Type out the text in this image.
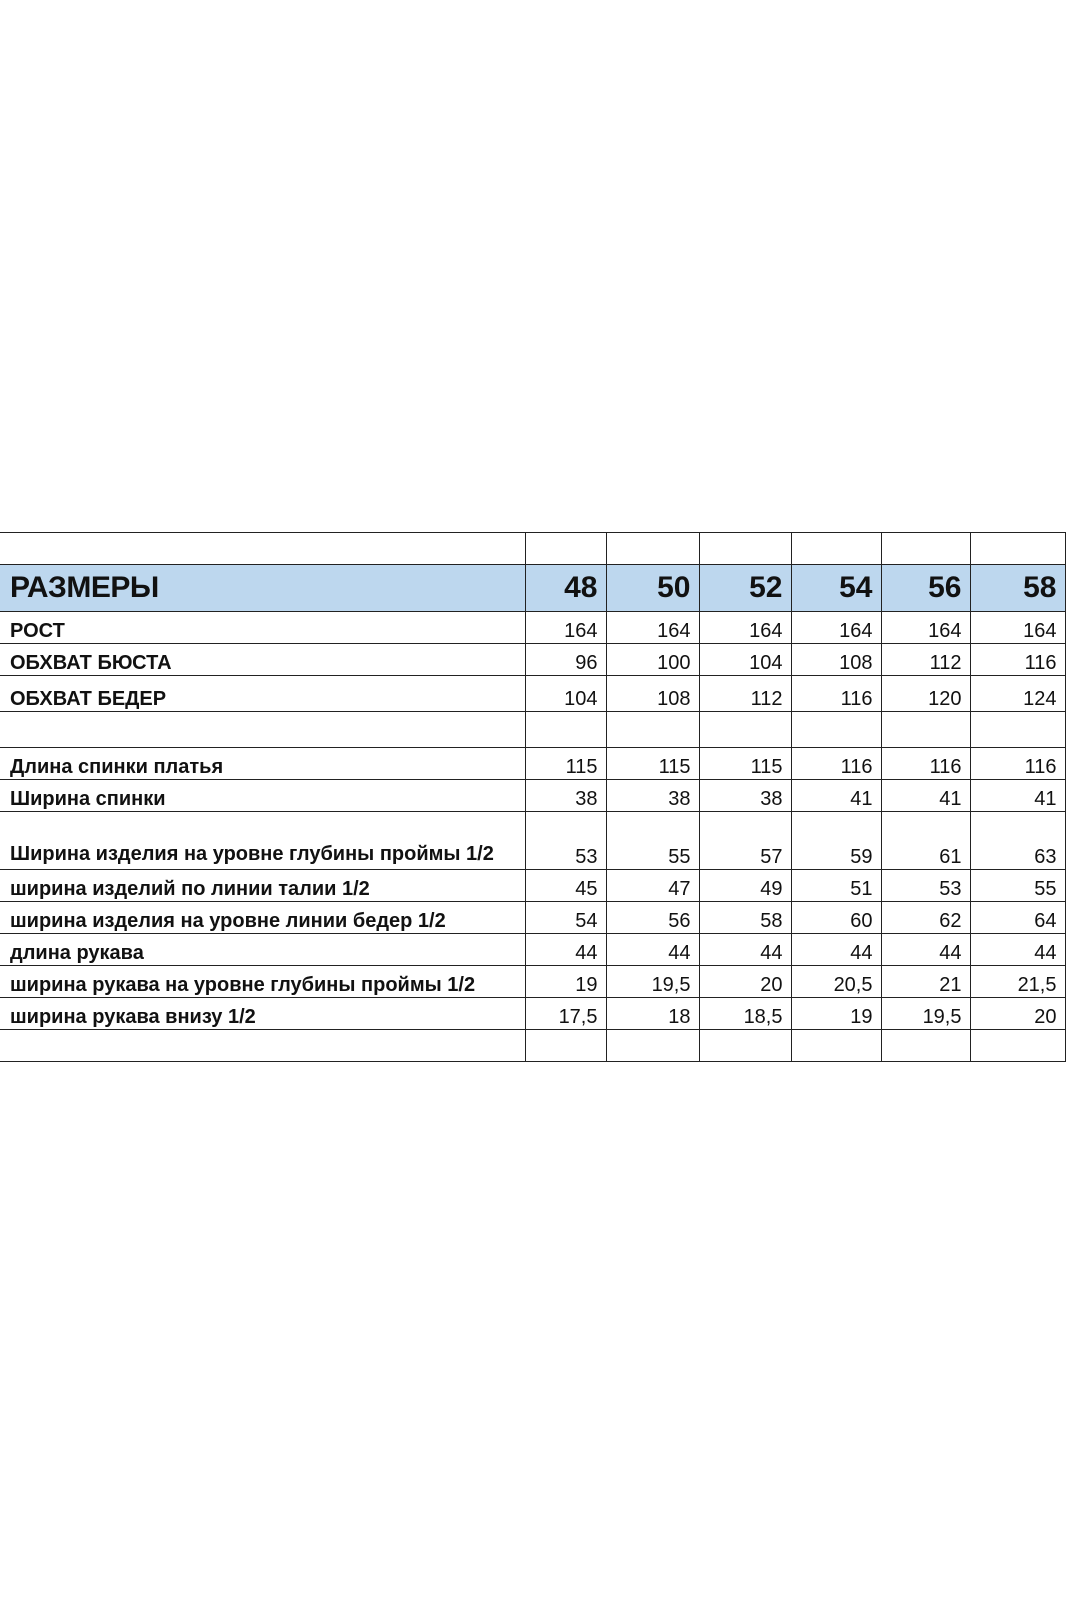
РАЗМЕРЫ	48	50	52	54	56	58
РОСТ	164	164	164	164	164	164
ОБХВАТ БЮСТА	96	100	104	108	112	116
ОБХВАТ БЕДЕР	104	108	112	116	120	124

Длина спинки платья	115	115	115	116	116	116
Ширина спинки	38	38	38	41	41	41
Ширина изделия на уровне глубины проймы 1/2	53	55	57	59	61	63
ширина изделий по линии талии 1/2	45	47	49	51	53	55
ширина изделия на уровне линии бедер 1/2	54	56	58	60	62	64
длина рукава	44	44	44	44	44	44
ширина рукава на уровне глубины проймы 1/2	19	19,5	20	20,5	21	21,5
ширина рукава внизу 1/2	17,5	18	18,5	19	19,5	20
